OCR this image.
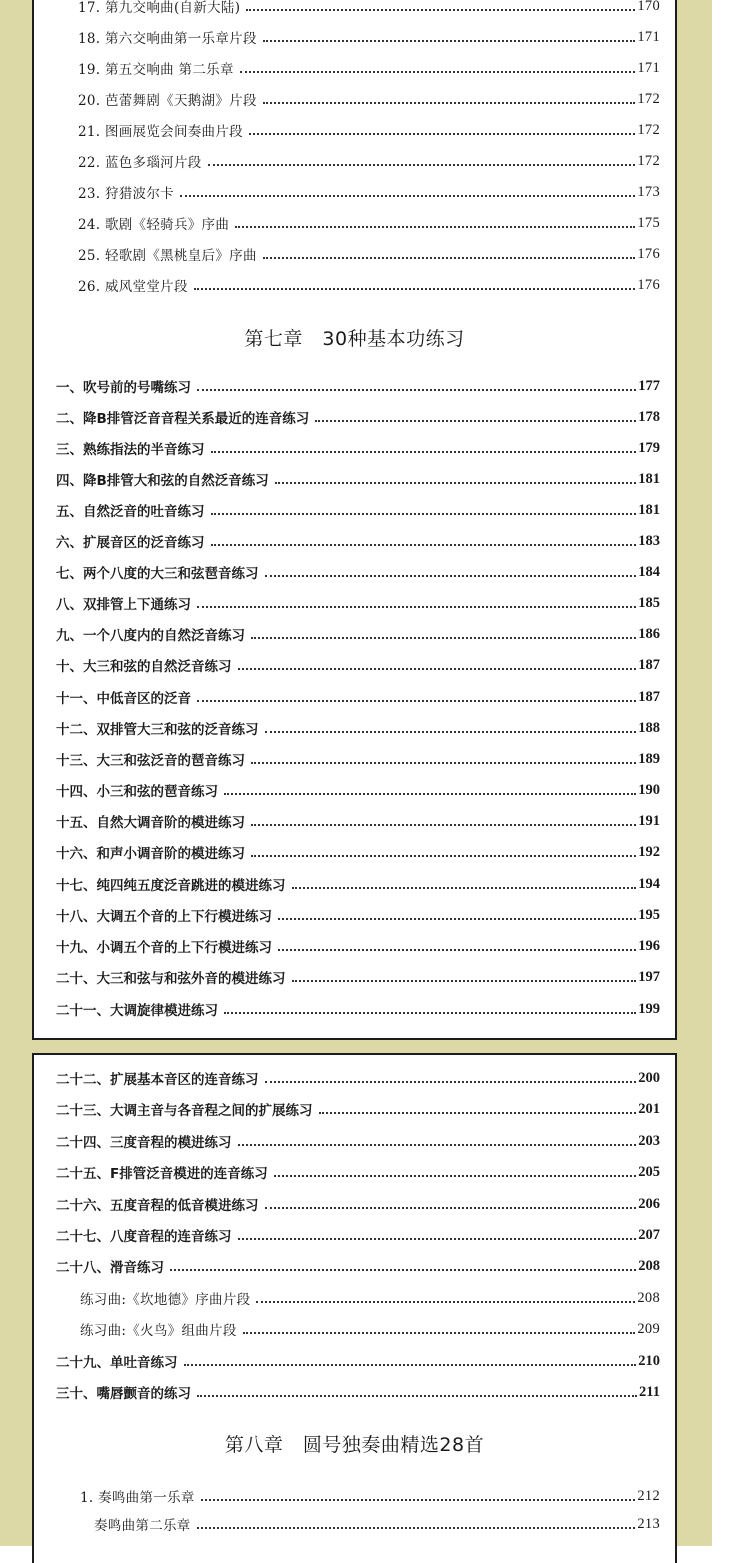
17. 第九交响曲(自新大陆)	170
18. 第六交响曲第一乐章片段	171
19. 第五交响曲 第二乐章	171
20. 芭蕾舞剧《天鹅湖》片段	172
21. 图画展览会间奏曲片段	172
22. 蓝色多瑙河片段	172
23. 狩猎波尔卡	173
24. 歌剧《轻骑兵》序曲	175
25. 轻歌剧《黑桃皇后》序曲	176
26. 威风堂堂片段	176
第七章　30种基本功练习
一、吹号前的号嘴练习	177
二、降B排管泛音音程关系最近的连音练习	178
三、熟练指法的半音练习	179
四、降B排管大和弦的自然泛音练习	181
五、自然泛音的吐音练习	181
六、扩展音区的泛音练习	183
七、两个八度的大三和弦琶音练习	184
八、双排管上下通练习	185
九、一个八度内的自然泛音练习	186
十、大三和弦的自然泛音练习	187
十一、中低音区的泛音	187
十二、双排管大三和弦的泛音练习	188
十三、大三和弦泛音的琶音练习	189
十四、小三和弦的琶音练习	190
十五、自然大调音阶的模进练习	191
十六、和声小调音阶的模进练习	192
十七、纯四纯五度泛音跳进的模进练习	194
十八、大调五个音的上下行模进练习	195
十九、小调五个音的上下行模进练习	196
二十、大三和弦与和弦外音的模进练习	197
二十一、大调旋律模进练习	199
二十二、扩展基本音区的连音练习	200
二十三、大调主音与各音程之间的扩展练习	201
二十四、三度音程的模进练习	203
二十五、F排管泛音模进的连音练习	205
二十六、五度音程的低音模进练习	206
二十七、八度音程的连音练习	207
二十八、滑音练习	208
练习曲:《坎地德》序曲片段	208
练习曲:《火鸟》组曲片段	209
二十九、单吐音练习	210
三十、嘴唇颤音的练习	211
第八章　圆号独奏曲精选28首
1. 奏鸣曲第一乐章	212
奏鸣曲第二乐章	213
